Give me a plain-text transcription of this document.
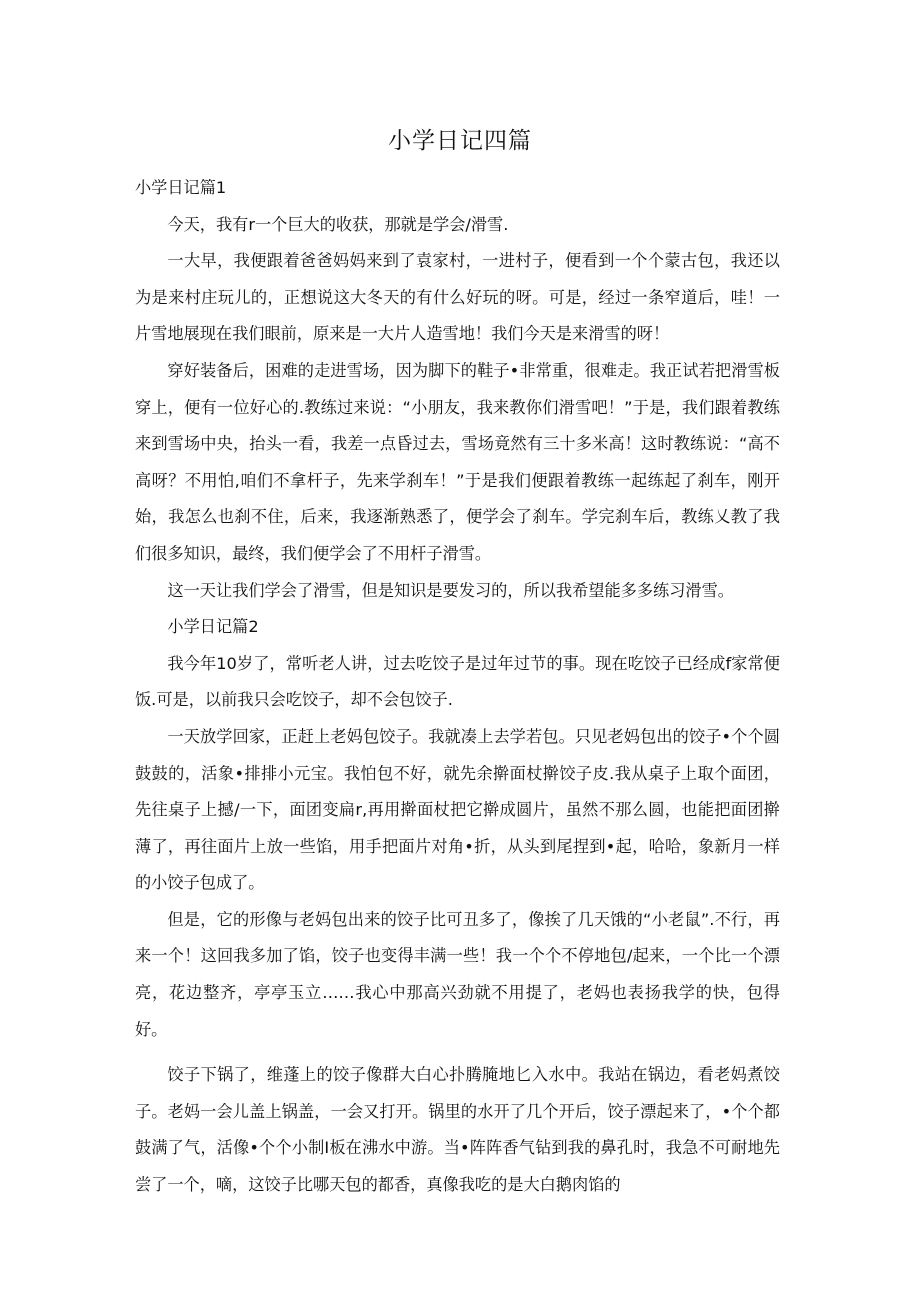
小学日记四篇

小学日记篇1

今天，我有r一个巨大的收获，那就是学会/滑雪.

一大早，我便跟着爸爸妈妈来到了袁家村，一进村子，便看到一个个蒙古包，我还以为是来村庄玩儿的，正想说这大冬天的有什么好玩的呀。可是，经过一条窄道后，哇！一片雪地展现在我们眼前，原来是一大片人造雪地！我们今天是来滑雪的呀！

穿好装备后，困难的走进雪场，因为脚下的鞋子•非常重，很难走。我正试若把滑雪板穿上，便有一位好心的.教练过来说：“小朋友，我来教你们滑雪吧！”于是，我们跟着教练来到雪场中央，抬头一看，我差一点昏过去，雪场竟然有三十多米高！这时教练说：“高不高呀？不用怕,咱们不拿杆子，先来学刹车！”于是我们便跟着教练一起练起了刹车，刚开始，我怎么也刹不住，后来，我逐渐熟悉了，便学会了刹车。学完刹车后，教练乂教了我们很多知识，最终，我们便学会了不用杆子滑雪。

这一天让我们学会了滑雪，但是知识是要发习的，所以我希望能多多练习滑雪。

小学日记篇2

我今年10岁了，常听老人讲，过去吃饺子是过年过节的事。现在吃饺子已经成f家常便饭.可是，以前我只会吃饺子，却不会包饺子.

一天放学回家，正赶上老妈包饺子。我就凑上去学若包。只见老妈包出的饺子•个个圆鼓鼓的，活象•排排小元宝。我怕包不好，就先余擀面杖擀饺子皮.我从桌子上取个面团，先往桌子上撼/一下，面团变扁r,再用擀面杖把它擀成圆片，虽然不那么圆，也能把面团擀薄了，再往面片上放一些馅，用手把面片对角•折，从头到尾捏到•起，哈哈，象新月一样的小饺子包成了。

但是，它的形像与老妈包出来的饺子比可丑多了，像挨了几天饿的“小老鼠”.不行，再来一个！这回我多加了馅，饺子也变得丰满一些！我一个个不停地包/起来，一个比一个漂亮，花边整齐，亭亭玉立……我心中那高兴劲就不用提了，老妈也表扬我学的快，包得好。

饺子下锅了，维蓬上的饺子像群大白心扑腾腌地匕入水中。我站在锅边，看老妈煮饺子。老妈一会儿盖上锅盖，一会又打开。锅里的水开了几个开后，饺子漂起来了，•个个都鼓满了气，活像•个个小制I板在沸水中游。当•阵阵香气钻到我的鼻孔时，我急不可耐地先尝了一个，嘀，这饺子比哪天包的都香，真像我吃的是大白鹅肉馅的
